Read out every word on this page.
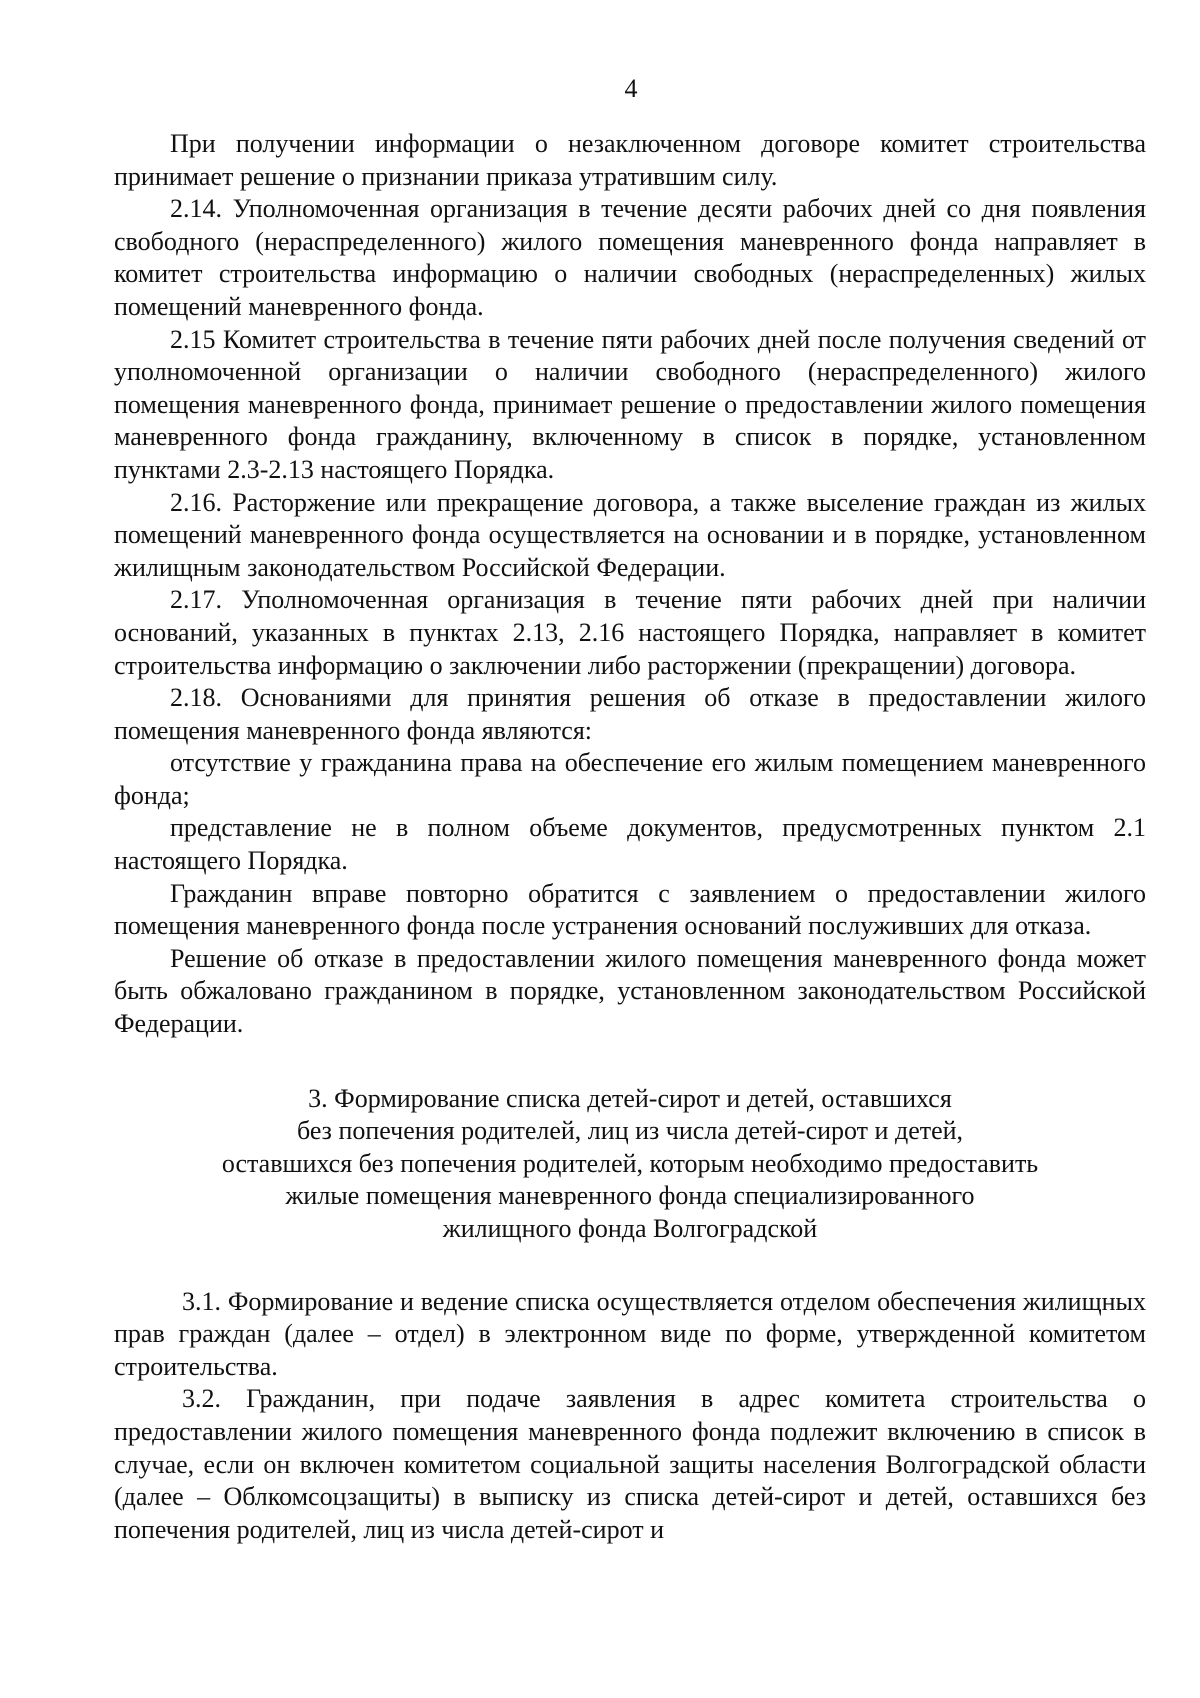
4

При получении информации о незаключенном договоре комитет строительства принимает решение о признании приказа утратившим силу.

2.14. Уполномоченная организация в течение десяти рабочих дней со дня появления свободного (нераспределенного) жилого помещения маневренного фонда направляет в комитет строительства информацию о наличии свободных (нераспределенных) жилых помещений маневренного фонда.

2.15 Комитет строительства в течение пяти рабочих дней после получения сведений от уполномоченной организации о наличии свободного (нераспределенного) жилого помещения маневренного фонда, принимает решение о предоставлении жилого помещения маневренного фонда гражданину, включенному в список в порядке, установленном пунктами 2.3-2.13 настоящего Порядка.

2.16. Расторжение или прекращение договора, а также выселение граждан из жилых помещений маневренного фонда осуществляется на основании и в порядке, установленном жилищным законодательством Российской Федерации.

2.17. Уполномоченная организация в течение пяти рабочих дней при наличии оснований, указанных в пунктах 2.13, 2.16 настоящего Порядка, направляет в комитет строительства информацию о заключении либо расторжении (прекращении) договора.

2.18. Основаниями для принятия решения об отказе в предоставлении жилого помещения маневренного фонда являются:

отсутствие у гражданина права на обеспечение его жилым помещением маневренного фонда;

представление не в полном объеме документов, предусмотренных пунктом 2.1 настоящего Порядка.

Гражданин вправе повторно обратится с заявлением о предоставлении жилого помещения маневренного фонда после устранения оснований послуживших для отказа.

Решение об отказе в предоставлении жилого помещения маневренного фонда может быть обжаловано гражданином в порядке, установленном законодательством Российской Федерации.

3. Формирование списка детей-сирот и детей, оставшихся
без попечения родителей, лиц из числа детей-сирот и детей,
оставшихся без попечения родителей, которым необходимо предоставить
жилые помещения маневренного фонда специализированного
жилищного фонда Волгоградской

3.1. Формирование и ведение списка осуществляется отделом обеспечения жилищных прав граждан (далее – отдел) в электронном виде по форме, утвержденной комитетом строительства.

3.2. Гражданин, при подаче заявления в адрес комитета строительства о предоставлении жилого помещения маневренного фонда подлежит включению в список в случае, если он включен комитетом социальной защиты населения Волгоградской области (далее – Облкомсоцзащиты) в выписку из списка детей-сирот и детей, оставшихся без попечения родителей, лиц из числа детей-сирот и
